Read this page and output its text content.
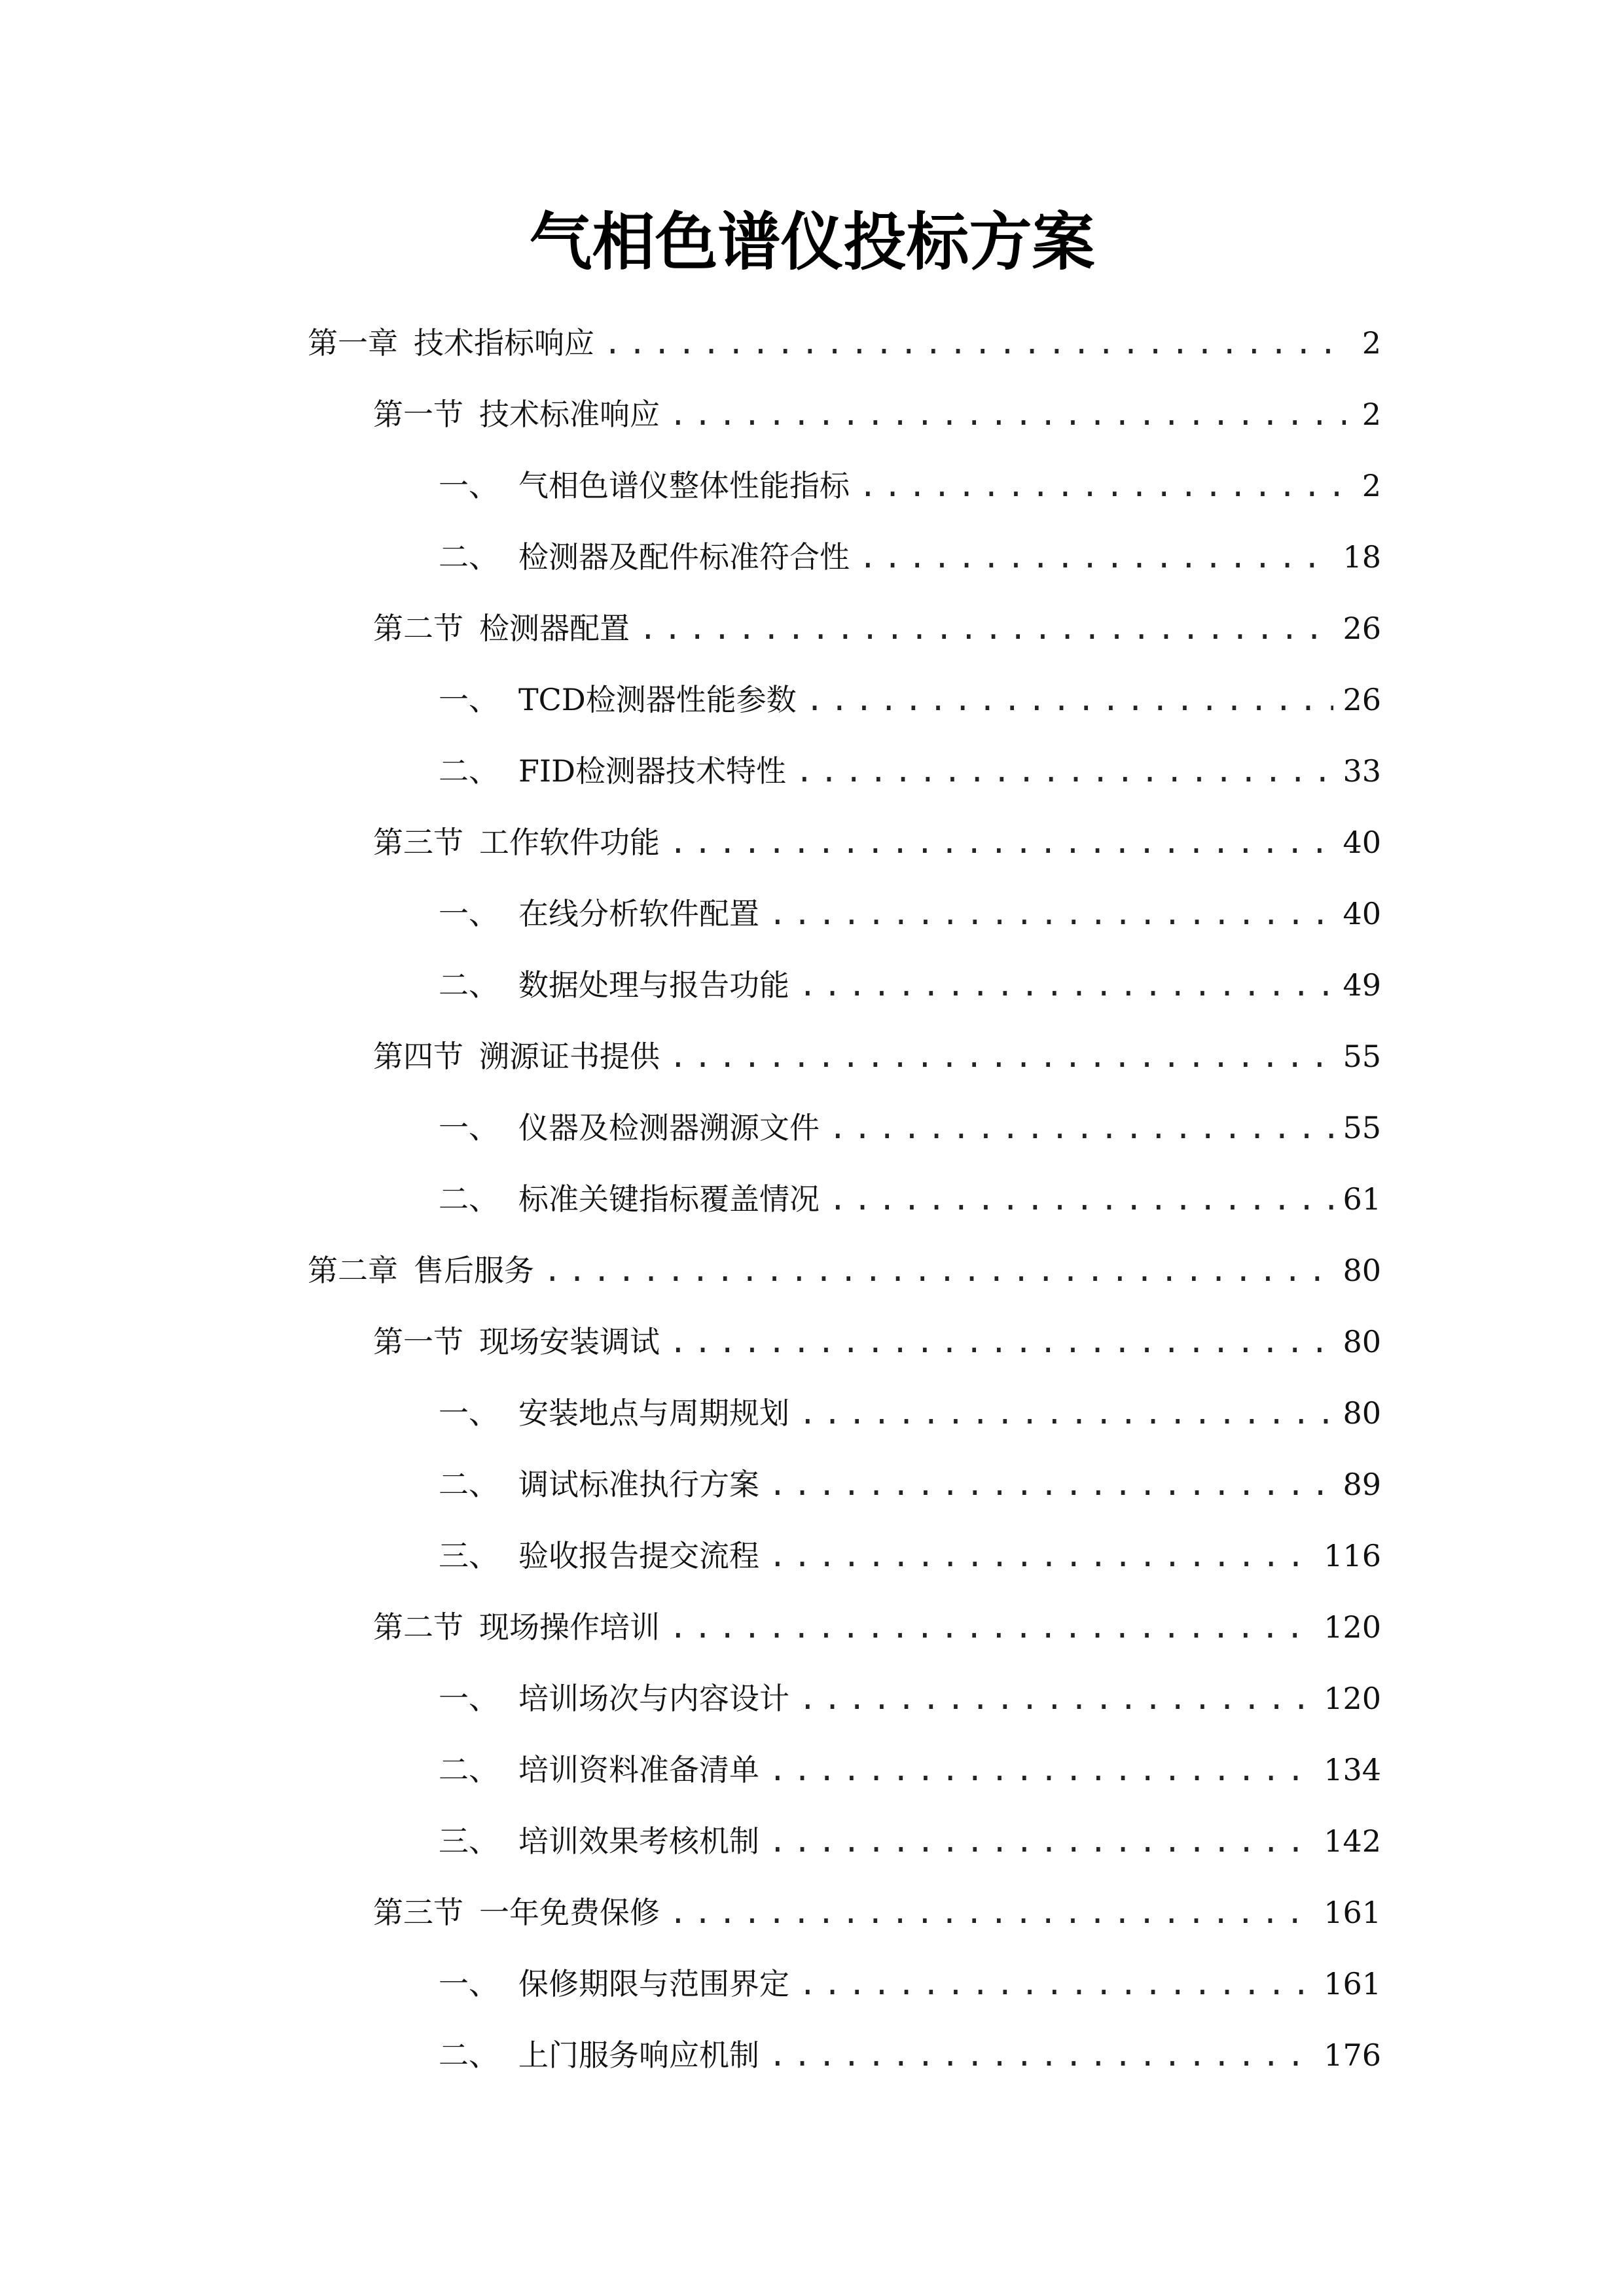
气相色谱仪投标方案
第一章 技术指标响应 .....	2
第一节 技术标准响应 .....	2
一、 气相色谱仪整体性能指标 .....	2
二、 检测器及配件标准符合性 .....	18
第二节 检测器配置 .....	26
一、 TCD检测器性能参数 .....	26
二、 FID检测器技术特性 .....	33
第三节 工作软件功能 .....	40
一、 在线分析软件配置 .....	40
二、 数据处理与报告功能 .....	49
第四节 溯源证书提供 .....	55
一、 仪器及检测器溯源文件 .....	55
二、 标准关键指标覆盖情况 .....	61
第二章 售后服务 .....	80
第一节 现场安装调试 .....	80
一、 安装地点与周期规划 .....	80
二、 调试标准执行方案 .....	89
三、 验收报告提交流程 .....	116
第二节 现场操作培训 .....	120
一、 培训场次与内容设计 .....	120
二、 培训资料准备清单 .....	134
三、 培训效果考核机制 .....	142
第三节 一年免费保修 .....	161
一、 保修期限与范围界定 .....	161
二、 上门服务响应机制 .....	176
